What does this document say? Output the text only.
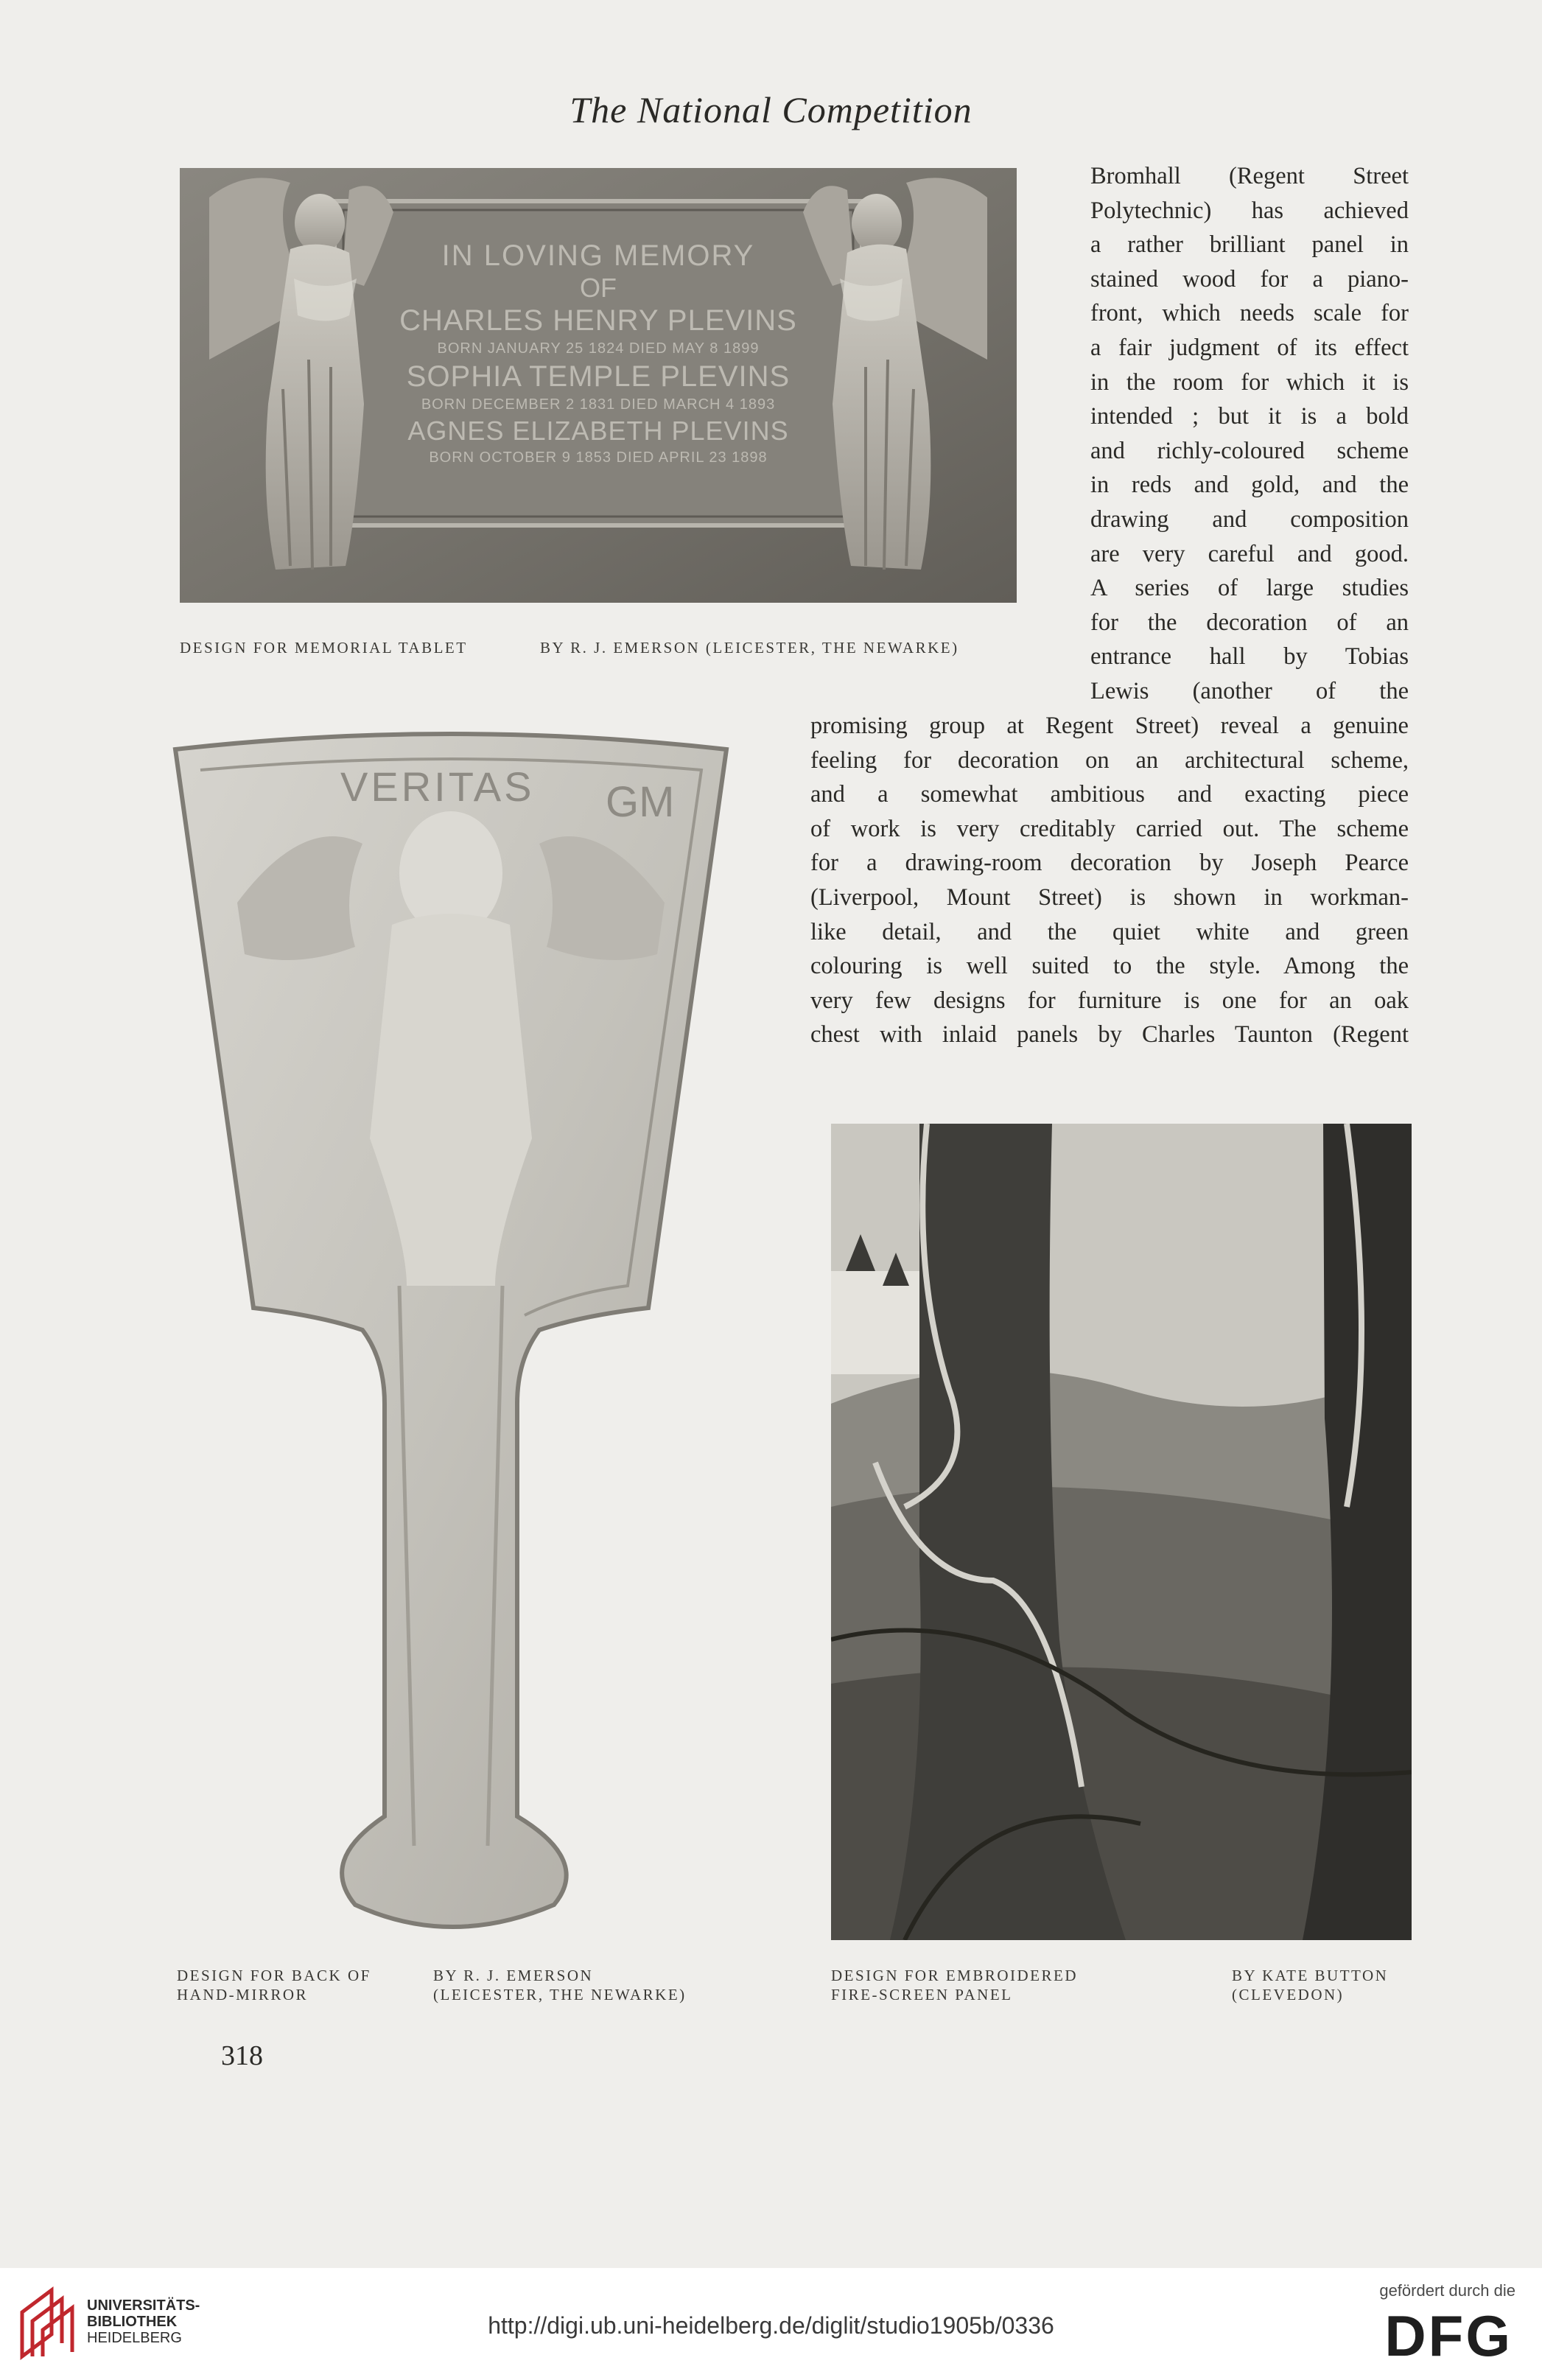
The National Competition
IN LOVING MEMORY
OF
CHARLES HENRY PLEVINS
BORN JANUARY 25 1824 DIED MAY 8 1899
SOPHIA TEMPLE PLEVINS
BORN DECEMBER 2 1831 DIED MARCH 4 1893
AGNES ELIZABETH PLEVINS
BORN OCTOBER 9 1853 DIED APRIL 23 1898
DESIGN FOR MEMORIAL TABLET	BY R. J. EMERSON (LEICESTER, THE NEWARKE)
VERITAS GM
DESIGN FOR BACK OF
HAND-MIRROR
BY R. J. EMERSON
(LEICESTER, THE NEWARKE)
DESIGN FOR EMBROIDERED
FIRE-SCREEN PANEL
BY KATE BUTTON
(CLEVEDON)
Bromhall (Regent Street
Polytechnic) has achieved
a rather brilliant panel in
stained wood for a piano-
front, which needs scale for
a fair judgment of its effect
in the room for which it is
intended ; but it is a bold
and richly-coloured scheme
in reds and gold, and the
drawing and composition
are very careful and good.
A series of large studies
for the decoration of an
entrance hall by Tobias
Lewis (another of the
promising group at Regent Street) reveal a genuine
feeling for decoration on an architectural scheme,
and a somewhat ambitious and exacting piece
of work is very creditably carried out. The scheme
for a drawing-room decoration by Joseph Pearce
(Liverpool, Mount Street) is shown in workman-
like detail, and the quiet white and green
colouring is well suited to the style. Among the
very few designs for furniture is one for an oak
chest with inlaid panels by Charles Taunton (Regent
318
UNIVERSITÄTS-
BIBLIOTHEK
HEIDELBERG	http://digi.ub.uni-heidelberg.de/diglit/studio1905b/0336
gefördert durch die
DFG
